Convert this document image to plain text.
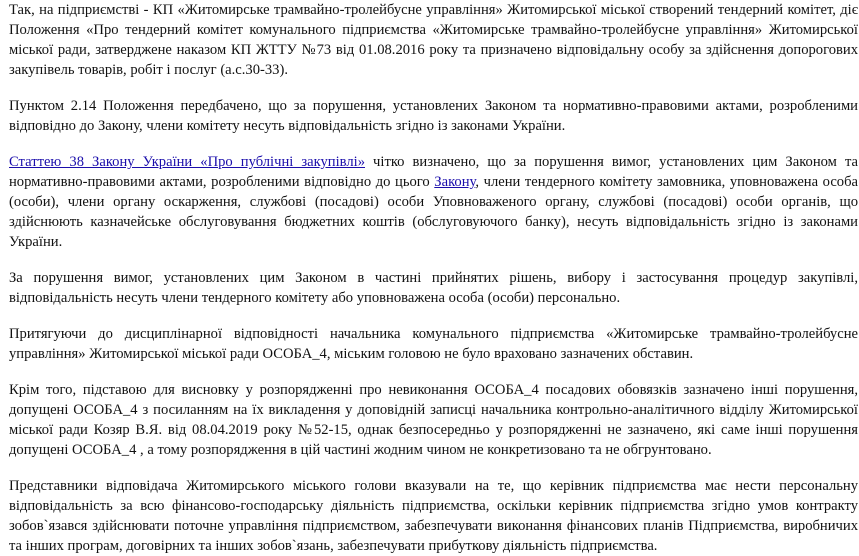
Так, на підприємстві - КП «Житомирське трамвайно-тролейбусне управління» Житомирської міської створений тендерний комітет, діє Положення «Про тендерний комітет комунального підприємства «Житомирське трамвайно-тролейбусне управління» Житомирської міської ради, затверджене наказом КП ЖТТУ №73 від 01.08.2016 року та призначено відповідальну особу за здійснення допорогових закупівель товарів, робіт і послуг (а.с.30-33).

Пунктом 2.14 Положення передбачено, що за порушення, установлених Законом та нормативно-правовими актами, розробленими відповідно до Закону, члени комітету несуть відповідальність згідно із законами України.

Статтею 38 Закону України «Про публічні закупівлі» чітко визначено, що за порушення вимог, установлених цим Законом та нормативно-правовими актами, розробленими відповідно до цього Закону, члени тендерного комітету замовника, уповноважена особа (особи), члени органу оскарження, службові (посадові) особи Уповноваженого органу, службові (посадові) особи органів, що здійснюють казначейське обслуговування бюджетних коштів (обслуговуючого банку), несуть відповідальність згідно із законами України.

За порушення вимог, установлених цим Законом в частині прийнятих рішень, вибору і застосування процедур закупівлі, відповідальність несуть члени тендерного комітету або уповноважена особа (особи) персонально.

Притягуючи до дисциплінарної відповідності начальника комунального підприємства «Житомирське трамвайно-тролейбусне управління» Житомирської міської ради ОСОБА_4, міським головою не було враховано зазначених обставин.

Крім того, підставою для висновку у розпорядженні про невиконання ОСОБА_4 посадових обовязків зазначено інші порушення, допущені ОСОБА_4 з посиланням на їх викладення у доповідній записці начальника контрольно-аналітичного відділу Житомирської міської ради Козяр В.Я. від 08.04.2019 року №52-15, однак безпосередньо у розпорядженні не зазначено, які саме інші порушення допущені ОСОБА_4 , а тому розпорядження в цій частині жодним чином не конкретизовано та не обгрунтовано.

Представники відповідача Житомирського міського голови вказували на те, що керівник підприємства має нести персональну відповідальність за всю фінансово-господарську діяльність підприємства, оскільки керівник підприємства згідно умов контракту зобов`язався здійснювати поточне управління підприємством, забезпечувати виконання фінансових планів Підприємства, виробничих та інших програм, договірних та інших зобов`язань, забезпечувати прибуткову діяльність підприємства.
